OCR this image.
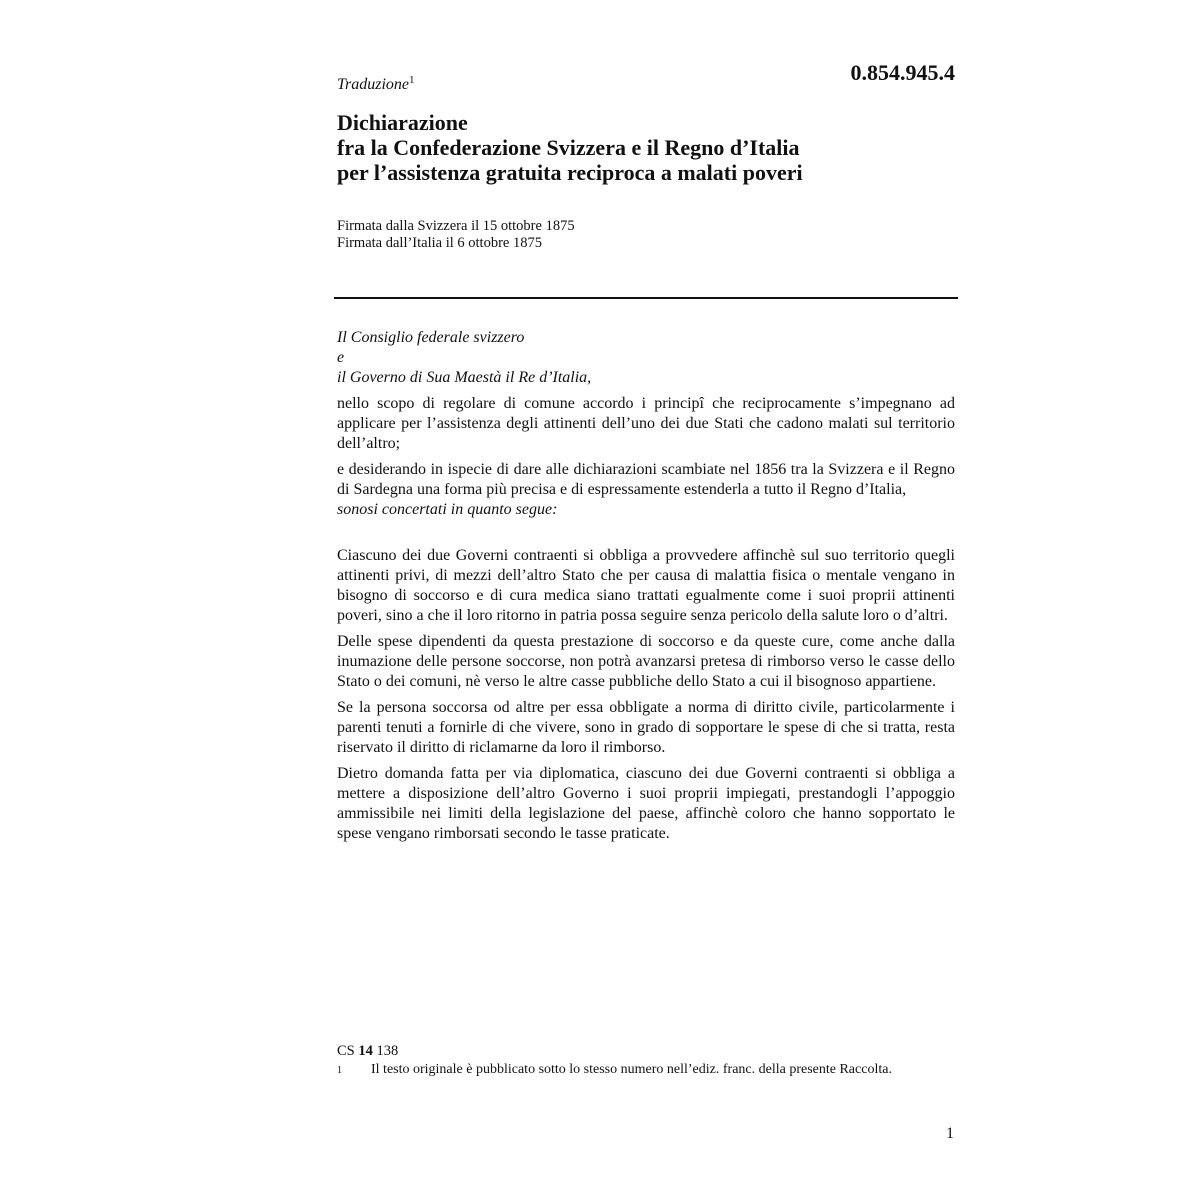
Traduzione$^1$	0.854.945.4
Dichiarazione
fra la Confederazione Svizzera e il Regno d’Italia
per l’assistenza gratuita reciproca a malati poveri
Firmata dalla Svizzera il 15 ottobre 1875
Firmata dall’Italia il 6 ottobre 1875
Il Consiglio federale svizzero
e
il Governo di Sua Maestà il Re d’Italia,

nello scopo di regolare di comune accordo i principî che reciprocamente s’impegnano ad applicare per l’assistenza degli attinenti dell’uno dei due Stati che cadono malati sul territorio dell’altro;

e desiderando in ispecie di dare alle dichiarazioni scambiate nel 1856 tra la Svizzera e il Regno di Sardegna una forma più precisa e di espressamente estenderla a tutto il Regno d’Italia,

sonosi concertati in quanto segue:

Ciascuno dei due Governi contraenti si obbliga a provvedere affinchè sul suo territorio quegli attinenti privi, di mezzi dell’altro Stato che per causa di malattia fisica o mentale vengano in bisogno di soccorso e di cura medica siano trattati egualmente come i suoi proprii attinenti poveri, sino a che il loro ritorno in patria possa seguire senza pericolo della salute loro o d’altri.

Delle spese dipendenti da questa prestazione di soccorso e da queste cure, come anche dalla inumazione delle persone soccorse, non potrà avanzarsi pretesa di rimborso verso le casse dello Stato o dei comuni, nè verso le altre casse pubbliche dello Stato a cui il bisognoso appartiene.

Se la persona soccorsa od altre per essa obbligate a norma di diritto civile, particolarmente i parenti tenuti a fornirle di che vivere, sono in grado di sopportare le spese di che si tratta, resta riservato il diritto di riclamarne da loro il rimborso.

Dietro domanda fatta per via diplomatica, ciascuno dei due Governi contraenti si obbliga a mettere a disposizione dell’altro Governo i suoi proprii impiegati, prestandogli l’appoggio ammissibile nei limiti della legislazione del paese, affinchè coloro che hanno sopportato le spese vengano rimborsati secondo le tasse praticate.

CS 14 138
1	Il testo originale è pubblicato sotto lo stesso numero nell’ediz. franc. della presente Raccolta.
1
